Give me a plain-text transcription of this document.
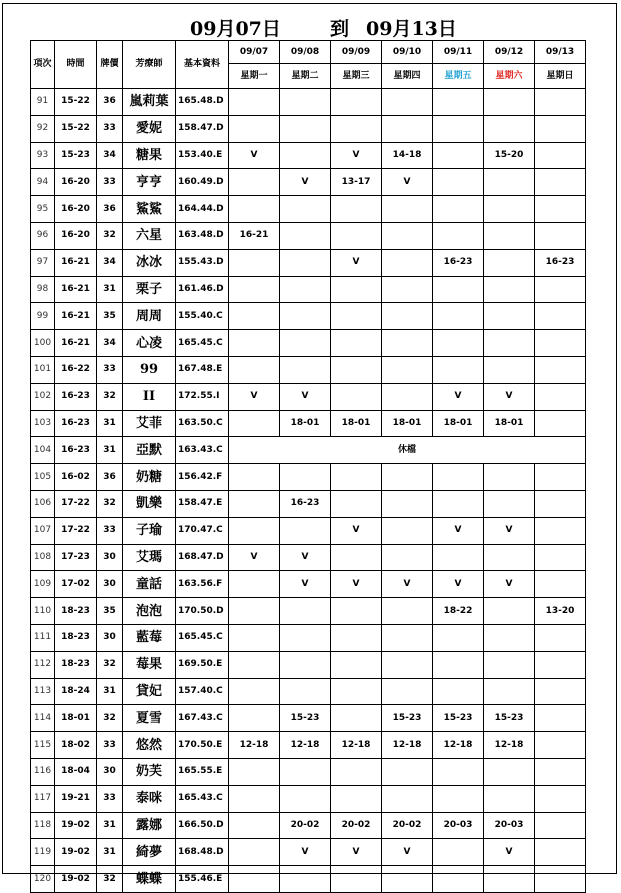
09月07日	到 09月13日
項次	時間	牌價	芳療師	基本資料	09/07	09/08	09/09	09/10	09/11	09/12	09/13
					星期一	星期二	星期三	星期四	星期五	星期六	星期日
91	15-22	36	嵐莉葉	165.48.D							
92	15-22	33	愛妮	158.47.D							
93	15-23	34	糖果	153.40.E	V		V	14-18		15-20	
94	16-20	33	亨亨	160.49.D		V	13-17	V			
95	16-20	36	鯊鯊	164.44.D							
96	16-20	32	六星	163.48.D	16-21						
97	16-21	34	冰冰	155.43.D			V		16-23		16-23
98	16-21	31	栗子	161.46.D							
99	16-21	35	周周	155.40.C							
100	16-21	34	心凌	165.45.C							
101	16-22	33	99	167.48.E							
102	16-23	32	II	172.55.I	V	V			V	V	
103	16-23	31	艾菲	163.50.C		18-01	18-01	18-01	18-01	18-01	
104	16-23	31	亞默	163.43.C	休檔						
105	16-02	36	奶糖	156.42.F							
106	17-22	32	凱樂	158.47.E		16-23					
107	17-22	33	子瑜	170.47.C			V		V	V	
108	17-23	30	艾瑪	168.47.D	V	V					
109	17-02	30	童話	163.56.F		V	V	V	V	V	
110	18-23	35	泡泡	170.50.D					18-22		13-20
111	18-23	30	藍莓	165.45.C							
112	18-23	32	莓果	169.50.E							
113	18-24	31	貸妃	157.40.C							
114	18-01	32	夏雪	167.43.C		15-23		15-23	15-23	15-23	
115	18-02	33	悠然	170.50.E	12-18	12-18	12-18	12-18	12-18	12-18	
116	18-04	30	奶芙	165.55.E							
117	19-21	33	泰咪	165.43.C							
118	19-02	31	露娜	166.50.D		20-02	20-02	20-02	20-03	20-03	
119	19-02	31	綺夢	168.48.D		V	V	V		V	
120	19-02	32	蝶蝶	155.46.E							
